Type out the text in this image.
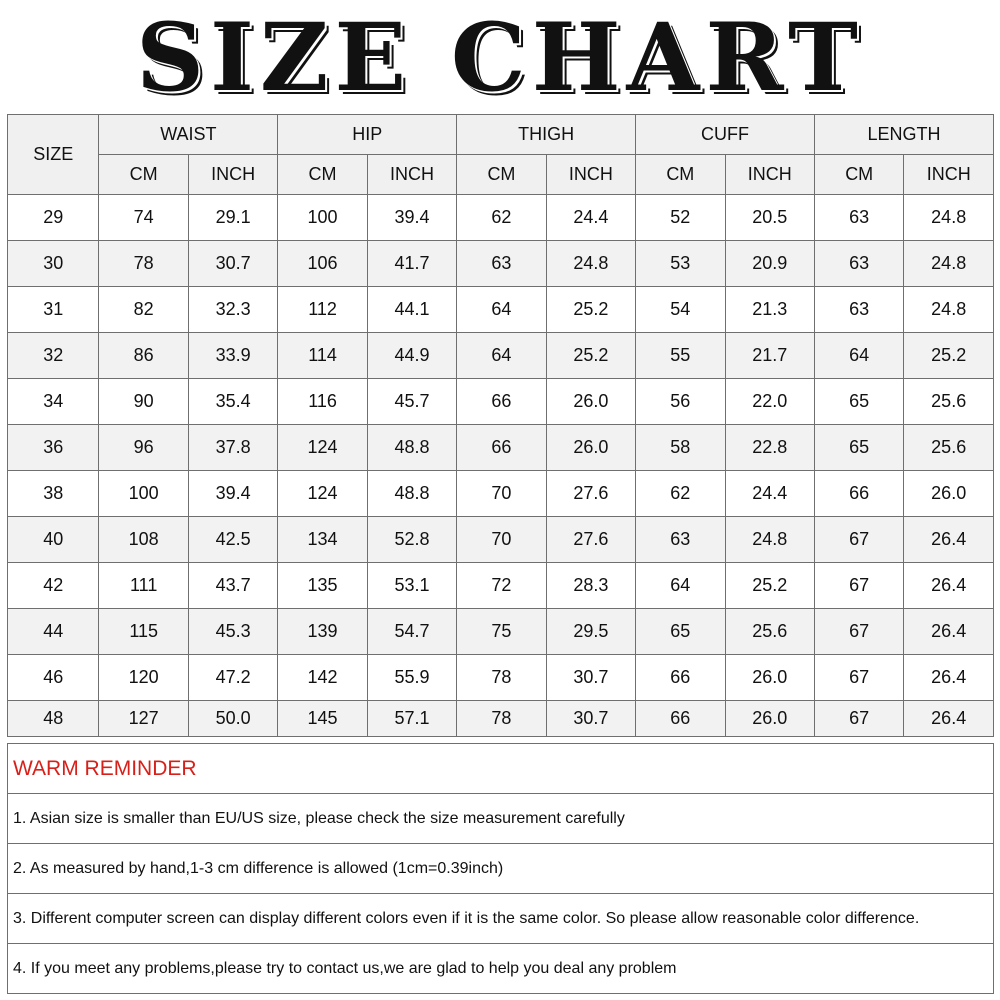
SIZE CHART
SIZE	WAIST		HIP		THIGH		CUFF		LENGTH	
	CM	INCH	CM	INCH	CM	INCH	CM	INCH	CM	INCH
29	74	29.1	100	39.4	62	24.4	52	20.5	63	24.8
30	78	30.7	106	41.7	63	24.8	53	20.9	63	24.8
31	82	32.3	112	44.1	64	25.2	54	21.3	63	24.8
32	86	33.9	114	44.9	64	25.2	55	21.7	64	25.2
34	90	35.4	116	45.7	66	26.0	56	22.0	65	25.6
36	96	37.8	124	48.8	66	26.0	58	22.8	65	25.6
38	100	39.4	124	48.8	70	27.6	62	24.4	66	26.0
40	108	42.5	134	52.8	70	27.6	63	24.8	67	26.4
42	111	43.7	135	53.1	72	28.3	64	25.2	67	26.4
44	115	45.3	139	54.7	75	29.5	65	25.6	67	26.4
46	120	47.2	142	55.9	78	30.7	66	26.0	67	26.4
48	127	50.0	145	57.1	78	30.7	66	26.0	67	26.4
WARM REMINDER
1. Asian size is smaller than EU/US size, please check the size measurement carefully
2. As measured by hand,1-3 cm difference is allowed (1cm=0.39inch)
3. Different computer screen can display different colors even if it is the same color. So please allow reasonable color difference.
4. If you meet any problems,please try to contact us,we are glad to help you deal any problem
